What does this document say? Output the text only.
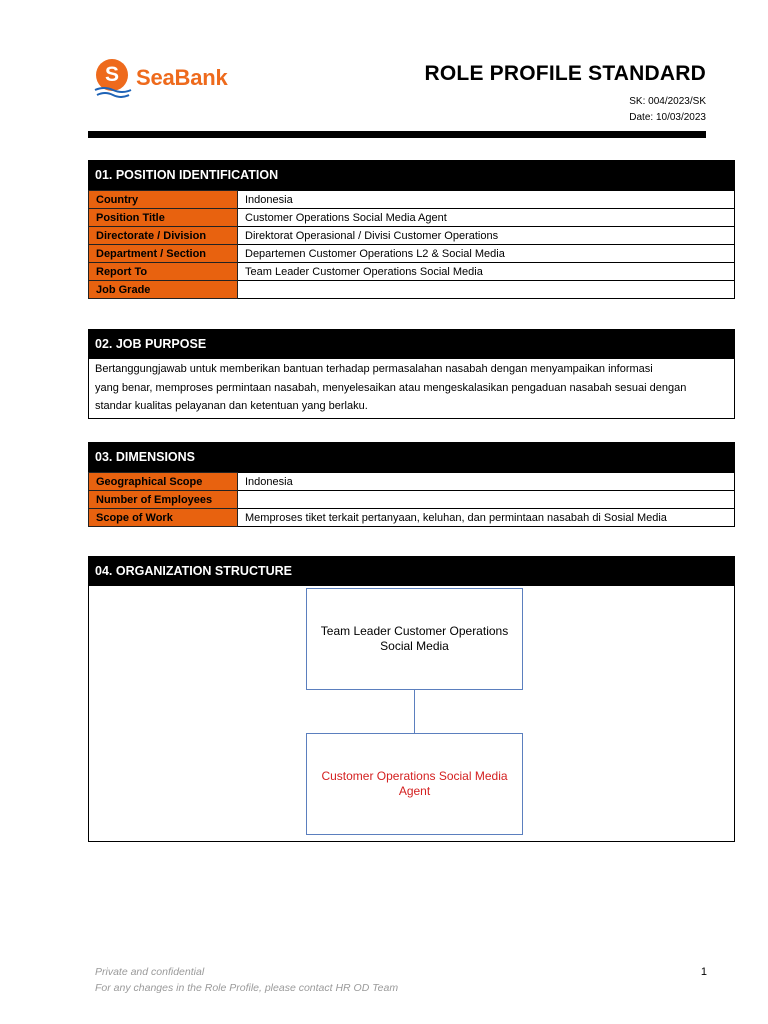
S SeaBank	ROLE PROFILE STANDARD
SK: 004/2023/SK
Date: 10/03/2023
01. POSITION IDENTIFICATION
Country	Indonesia
Position Title	Customer Operations Social Media Agent
Directorate / Division	Direktorat Operasional / Divisi Customer Operations
Department / Section	Departemen Customer Operations L2 & Social Media
Report To	Team Leader Customer Operations Social Media
Job Grade	
02. JOB PURPOSE
Bertanggungjawab untuk memberikan bantuan terhadap permasalahan nasabah dengan menyampaikan informasi
yang benar, memproses permintaan nasabah, menyelesaikan atau mengeskalasikan pengaduan nasabah sesuai dengan
standar kualitas pelayanan dan ketentuan yang berlaku.
03. DIMENSIONS
Geographical Scope	Indonesia
Number of Employees	
Scope of Work	Memproses tiket terkait pertanyaan, keluhan, dan permintaan nasabah di Sosial Media
04. ORGANIZATION STRUCTURE
Team Leader Customer Operations
Social Media
Customer Operations Social Media
Agent
Private and confidential
For any changes in the Role Profile, please contact HR OD Team
1
